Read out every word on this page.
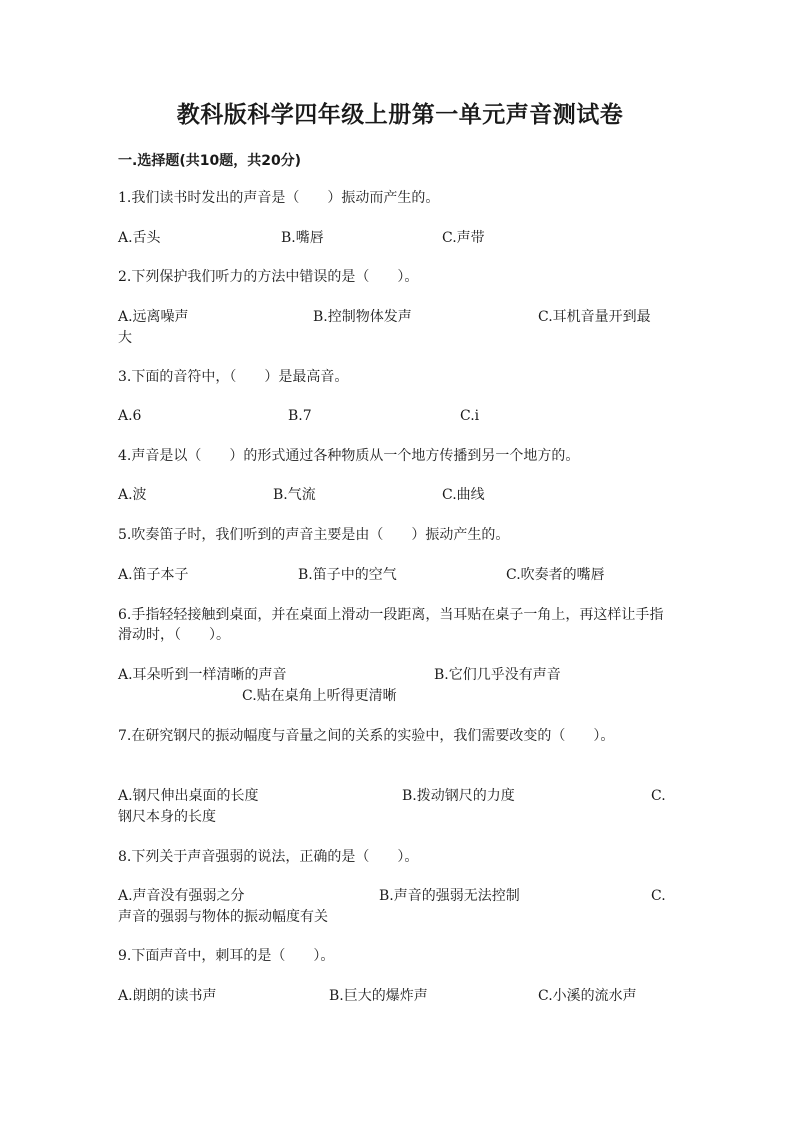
教科版科学四年级上册第一单元声音测试卷
一.选择题(共10题，共20分)
1.我们读书时发出的声音是（　　）振动而产生的。
A.舌头	B.嘴唇	C.声带
2.下列保护我们听力的方法中错误的是（　　）。
A.远离噪声	B.控制物体发声	C.耳机音量开到最
大
3.下面的音符中，（　　）是最高音。
A.6	B.7	C.i
4.声音是以（　　）的形式通过各种物质从一个地方传播到另一个地方的。
A.波	B.气流	C.曲线
5.吹奏笛子时，我们听到的声音主要是由（　　）振动产生的。
A.笛子本子	B.笛子中的空气	C.吹奏者的嘴唇
6.手指轻轻接触到桌面，并在桌面上滑动一段距离，当耳贴在桌子一角上，再这样让手指滑动时，（　　）。
A.耳朵听到一样清晰的声音	B.它们几乎没有声音
C.贴在桌角上听得更清晰
7.在研究钢尺的振动幅度与音量之间的关系的实验中，我们需要改变的（　　）。
A.钢尺伸出桌面的长度	B.拨动钢尺的力度	C.
钢尺本身的长度
8.下列关于声音强弱的说法，正确的是（　　）。
A.声音没有强弱之分	B.声音的强弱无法控制	C.
声音的强弱与物体的振动幅度有关
9.下面声音中，刺耳的是（　　）。
A.朗朗的读书声	B.巨大的爆炸声	C.小溪的流水声
